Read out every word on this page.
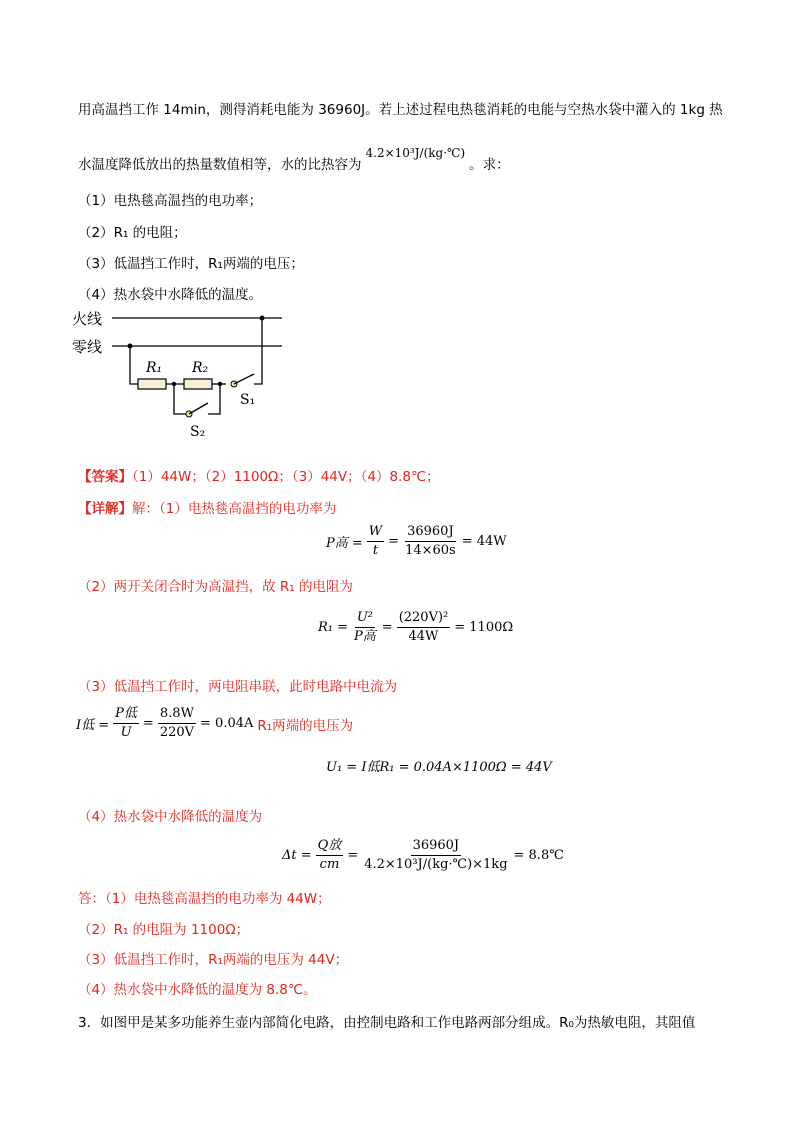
用高温挡工作 14min，测得消耗电能为 36960J。若上述过程电热毯消耗的电能与空热水袋中灌入的 1kg 热
水温度降低放出的热量数值相等，水的比热容为
4.2×10³J/(kg·℃)
。求：
（1）电热毯高温挡的电功率；
（2）R₁ 的电阻；
（3）低温挡工作时，R₁两端的电压；
（4）热水袋中水降低的温度。
火线
零线
R₁ R₂
S₁
S₂
【答案】（1）44W；（2）1100Ω；（3）44V；（4）8.8℃；
【详解】解：（1）电热毯高温挡的电功率为
P高 = $\frac{W}{t} = \frac{36960J}{14\times 60s} = 44W$
（2）两开关闭合时为高温挡，故 R₁ 的电阻为
$R_1 = \frac{\text{U²}}{\text{P高}} = \frac{\text{(220V)²}}{44W} = 1100\Omega$
（3）低温挡工作时，两电阻串联，此时电路中电流为
I低 = $\frac{\text{P低}}{U} = \frac{8.8W}{220V} = 0.04A$ R₁两端的电压为
U₁ = I低R₁ = 0.04A×1100Ω = 44V
（4）热水袋中水降低的温度为
$\Delta t = \frac{\text{Q放}}{cm} = \frac{36960J}{\text{4.2×10³J/(kg·℃)×1kg}}$ = 8.8℃
答：（1）电热毯高温挡的电功率为 44W；
（2）R₁ 的电阻为 1100Ω；
（3）低温挡工作时，R₁两端的电压为 44V；
（4）热水袋中水降低的温度为 8.8℃。
3．如图甲是某多功能养生壶内部简化电路，由控制电路和工作电路两部分组成。R₀为热敏电阻，其阻值
